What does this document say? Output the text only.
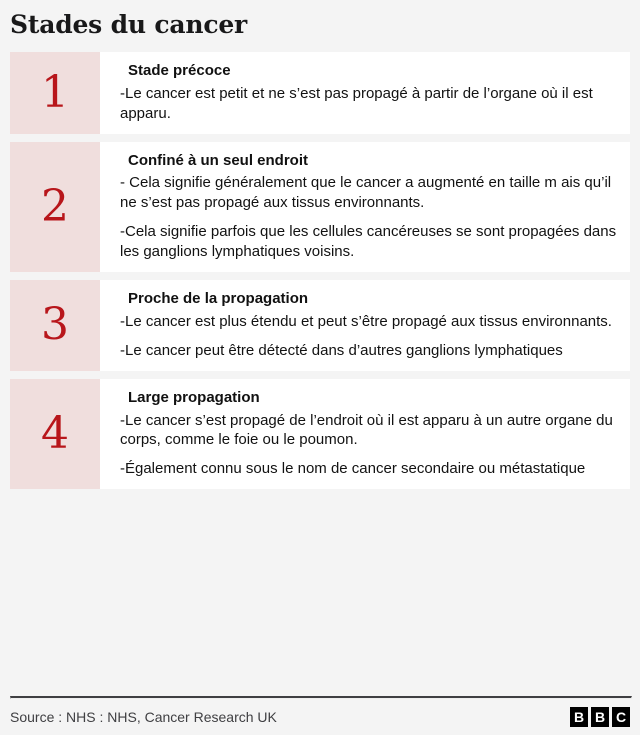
Stades du cancer
1	Stade précoce

-Le cancer est petit et ne s’est pas propagé à partir de l’organe où il est apparu.

2
Confiné à un seul endroit

- Cela signifie généralement que le cancer a augmenté en taille m ais qu’il ne s’est pas propagé aux tissus environnants.

-Cela signifie parfois que les cellules cancéreuses se sont propagées dans les ganglions lymphatiques voisins.

3
Proche de la propagation

-Le cancer est plus étendu et peut s’être propagé aux tissus environnants.

-Le cancer peut être détecté dans d’autres ganglions lymphatiques

4
Large propagation

-Le cancer s’est propagé de l’endroit où il est apparu à un autre organe du corps, comme le foie ou le poumon.

-Également connu sous le nom de cancer secondaire ou métastatique

Source : NHS : NHS, Cancer Research UK	B B C
